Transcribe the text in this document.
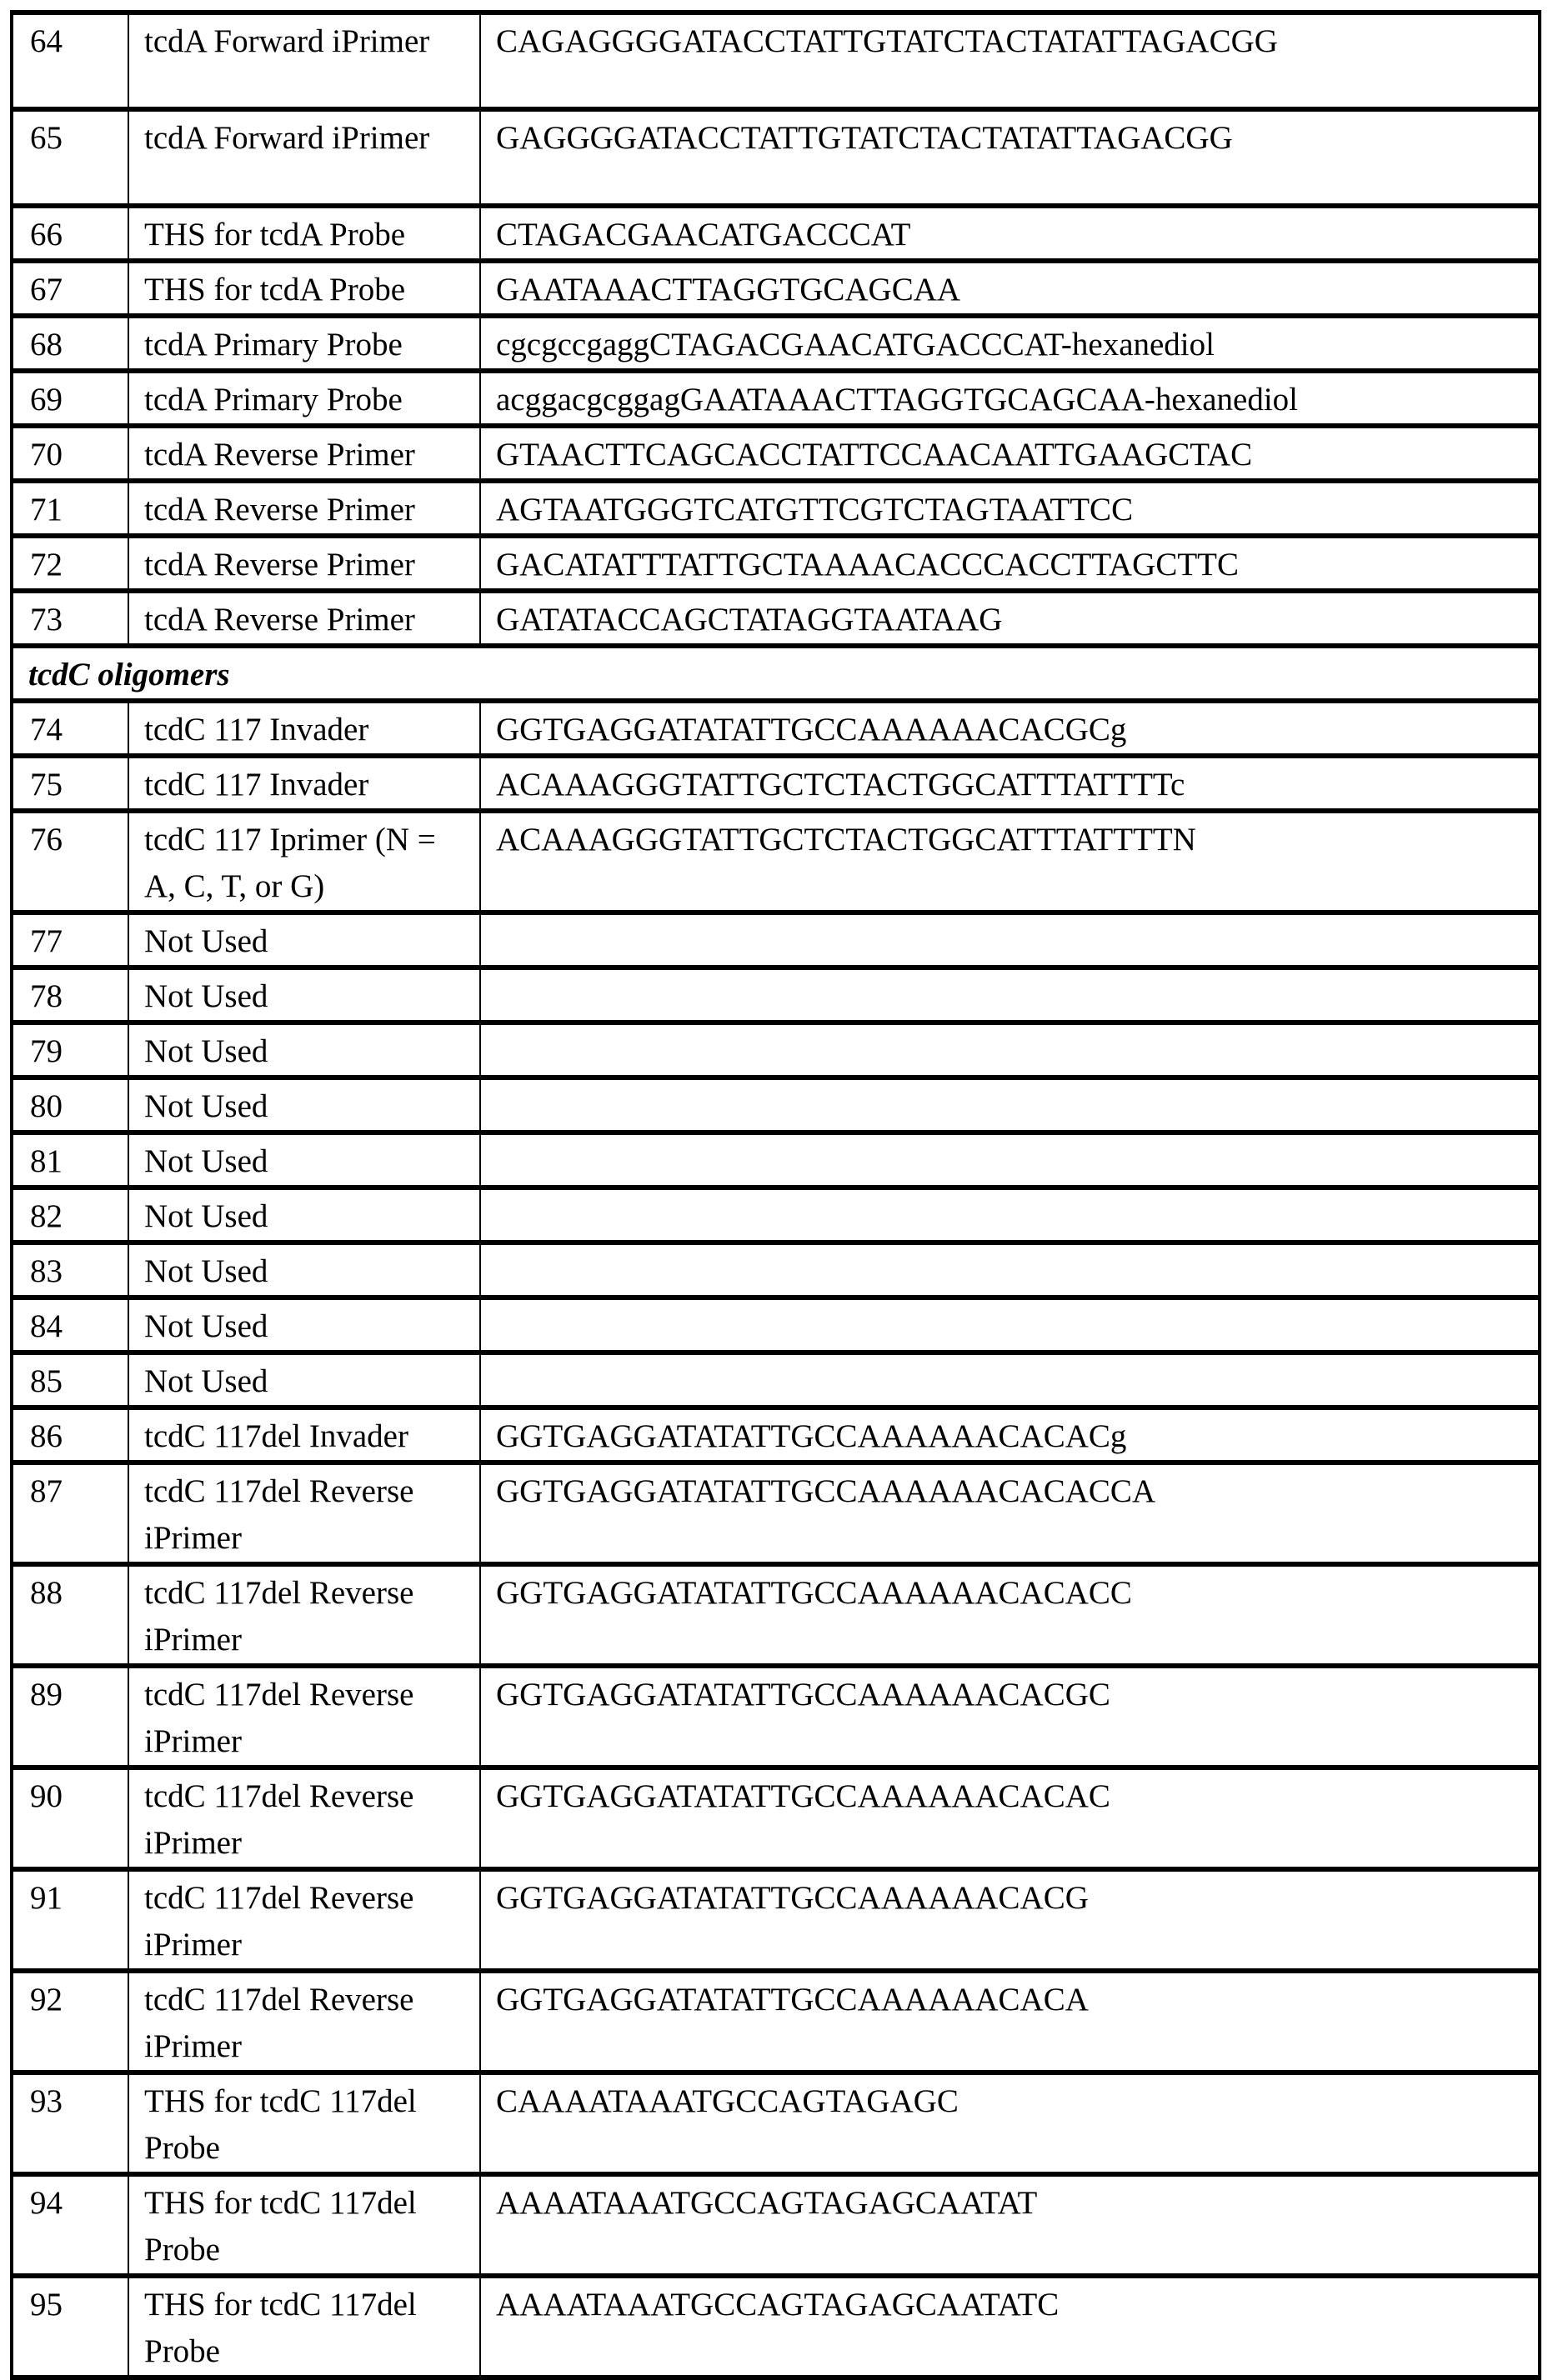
64	tcdA Forward iPrimer	CAGAGGGGATACCTATTGTATCTACTATATTAGACGG
65	tcdA Forward iPrimer	GAGGGGATACCTATTGTATCTACTATATTAGACGG
66	THS for tcdA Probe	CTAGACGAACATGACCCAT
67	THS for tcdA Probe	GAATAAACTTAGGTGCAGCAA
68	tcdA Primary Probe	cgcgccgaggCTAGACGAACATGACCCAT-hexanediol
69	tcdA Primary Probe	acggacgcggagGAATAAACTTAGGTGCAGCAA-hexanediol
70	tcdA Reverse Primer	GTAACTTCAGCACCTATTCCAACAATTGAAGCTAC
71	tcdA Reverse Primer	AGTAATGGGTCATGTTCGTCTAGTAATTCC
72	tcdA Reverse Primer	GACATATTTATTGCTAAAACACCCACCTTAGCTTC
73	tcdA Reverse Primer	GATATACCAGCTATAGGTAATAAG
tcdC oligomers		
74	tcdC 117 Invader	GGTGAGGATATATTGCCAAAAAACACGCg
75	tcdC 117 Invader	ACAAAGGGTATTGCTCTACTGGCATTTATTTTc
76	tcdC 117 Iprimer (N = A, C, T, or G)	ACAAAGGGTATTGCTCTACTGGCATTTATTTTN
77	Not Used	
78	Not Used	
79	Not Used	
80	Not Used	
81	Not Used	
82	Not Used	
83	Not Used	
84	Not Used	
85	Not Used	
86	tcdC 117del Invader	GGTGAGGATATATTGCCAAAAAACACACg
87	tcdC 117del Reverse iPrimer	GGTGAGGATATATTGCCAAAAAACACACCA
88	tcdC 117del Reverse iPrimer	GGTGAGGATATATTGCCAAAAAACACACC
89	tcdC 117del Reverse iPrimer	GGTGAGGATATATTGCCAAAAAACACGC
90	tcdC 117del Reverse iPrimer	GGTGAGGATATATTGCCAAAAAACACAC
91	tcdC 117del Reverse iPrimer	GGTGAGGATATATTGCCAAAAAACACG
92	tcdC 117del Reverse iPrimer	GGTGAGGATATATTGCCAAAAAACACA
93	THS for tcdC 117del Probe	CAAAATAAATGCCAGTAGAGC
94	THS for tcdC 117del Probe	AAAATAAATGCCAGTAGAGCAATAT
95	THS for tcdC 117del Probe	AAAATAAATGCCAGTAGAGCAATATC
